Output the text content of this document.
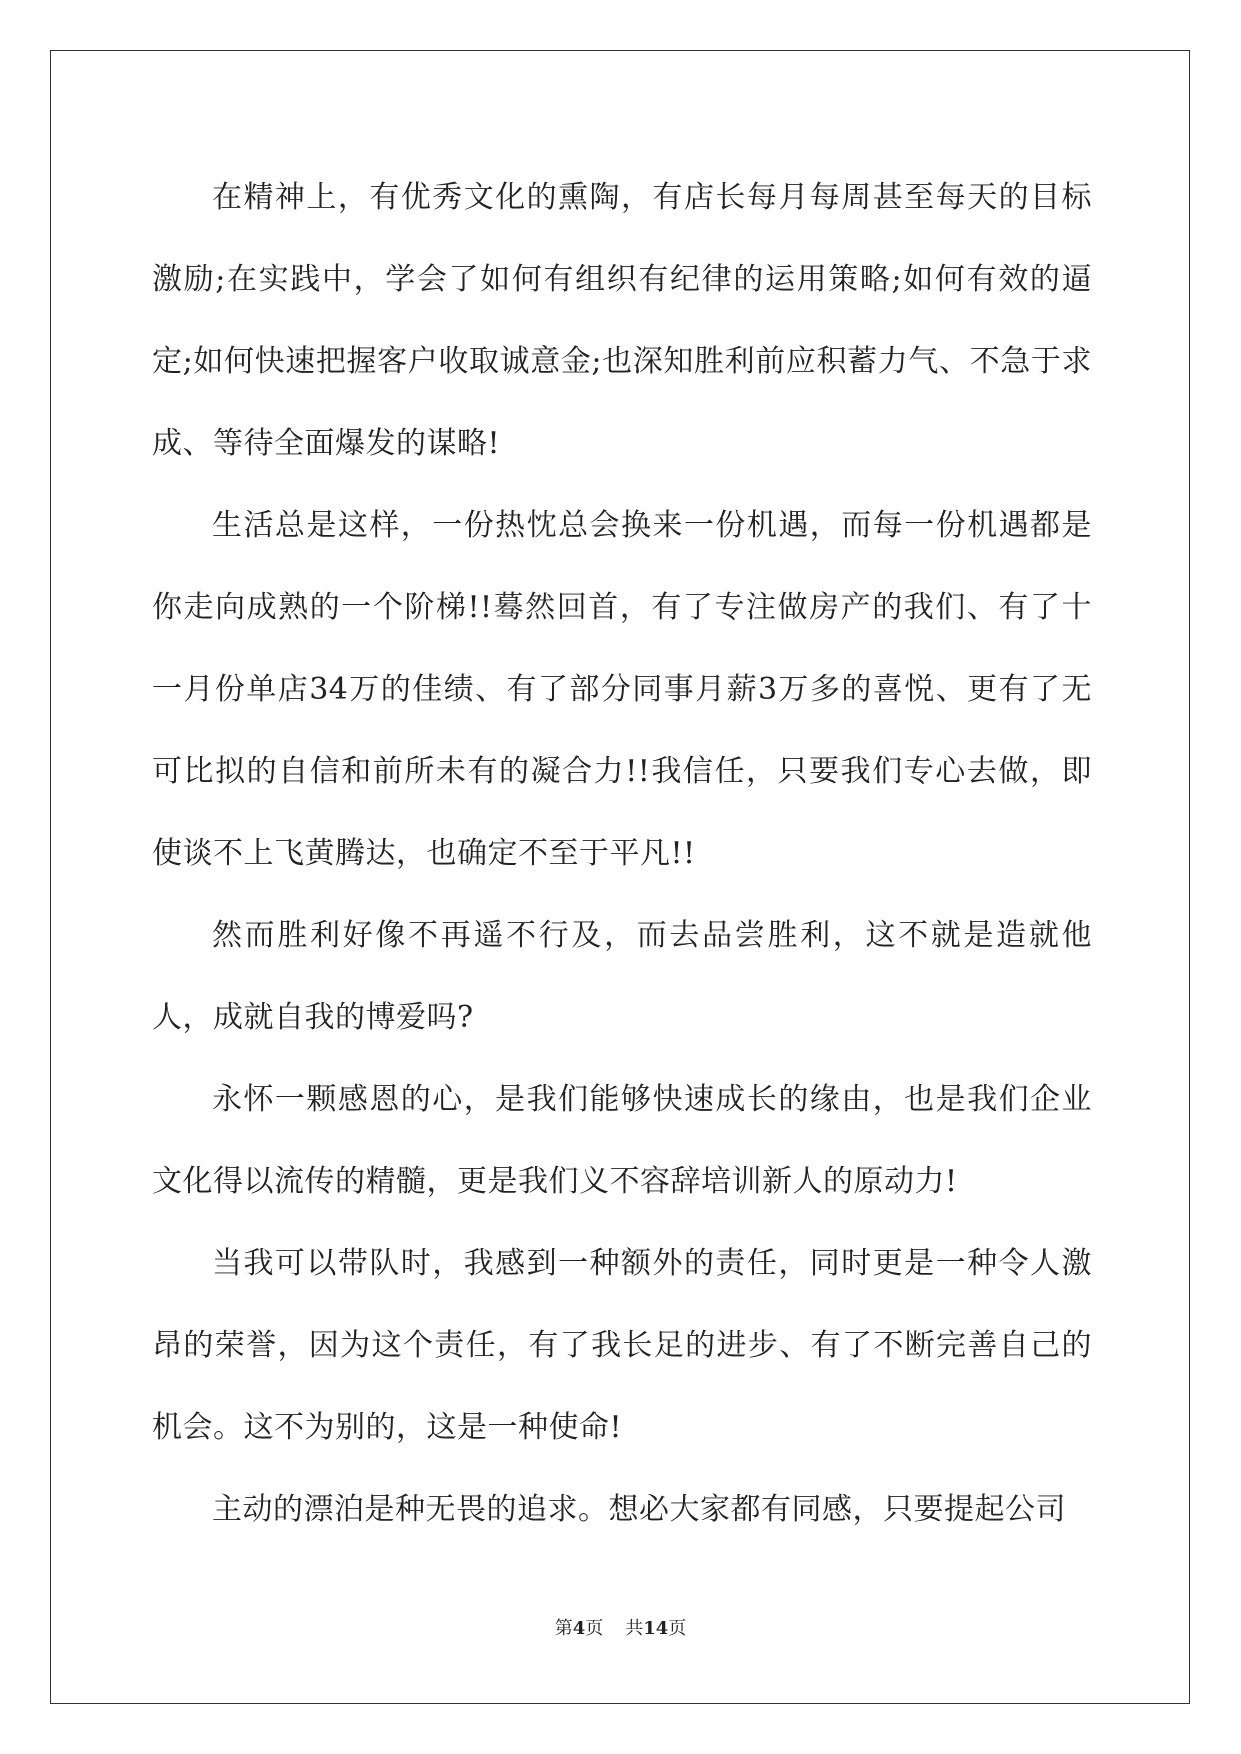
在精神上，有优秀文化的熏陶，有店长每月每周甚至每天的目标激励;在实践中，学会了如何有组织有纪律的运用策略;如何有效的逼定;如何快速把握客户收取诚意金;也深知胜利前应积蓄力气、不急于求成、等待全面爆发的谋略!

生活总是这样，一份热忱总会换来一份机遇，而每一份机遇都是你走向成熟的一个阶梯!!蓦然回首，有了专注做房产的我们、有了十一月份单店34万的佳绩、有了部分同事月薪3万多的喜悦、更有了无可比拟的自信和前所未有的凝合力!!我信任，只要我们专心去做，即使谈不上飞黄腾达，也确定不至于平凡!!

然而胜利好像不再遥不行及，而去品尝胜利，这不就是造就他人，成就自我的博爱吗?

永怀一颗感恩的心，是我们能够快速成长的缘由，也是我们企业文化得以流传的精髓，更是我们义不容辞培训新人的原动力!

当我可以带队时，我感到一种额外的责任，同时更是一种令人激昂的荣誉，因为这个责任，有了我长足的进步、有了不断完善自己的机会。这不为别的，这是一种使命!

主动的漂泊是种无畏的追求。想必大家都有同感，只要提起公司

第4页 共14页
